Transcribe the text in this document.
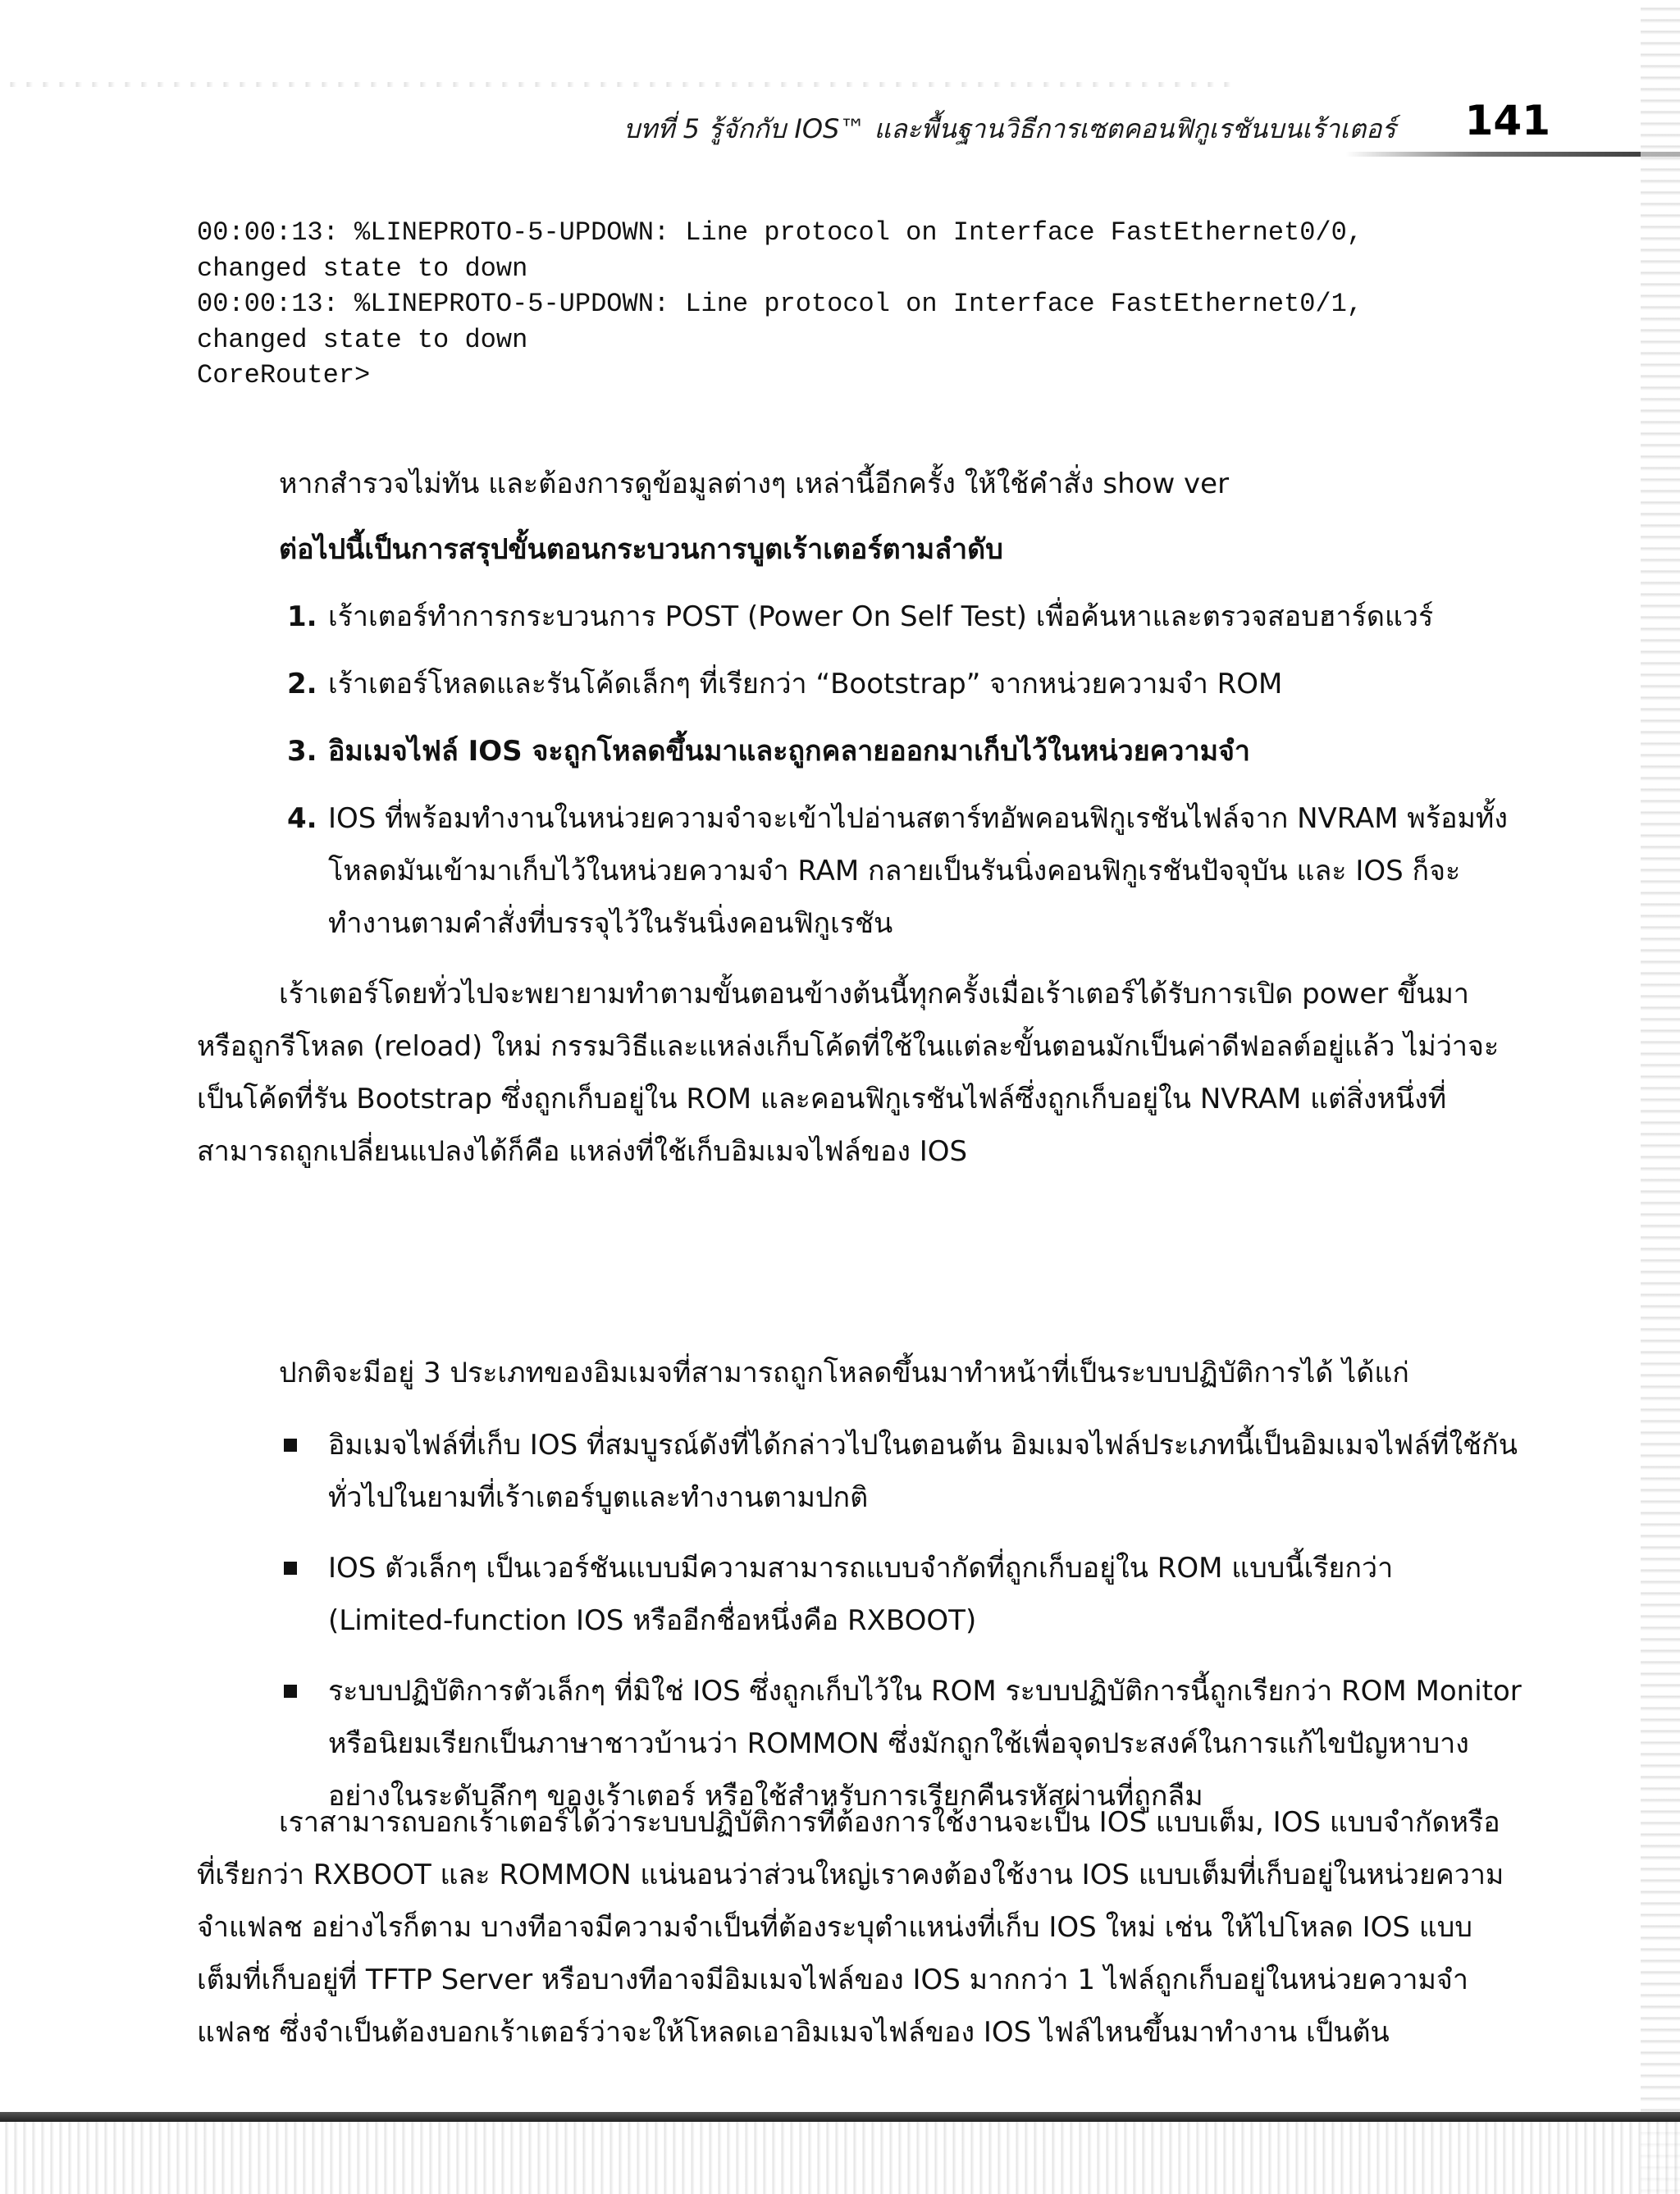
บทที่ 5 รู้จักกับ IOS™ และพื้นฐานวิธีการเซตคอนฟิกูเรชันบนเร้าเตอร์ 141
00:00:13: %LINEPROTO-5-UPDOWN: Line protocol on Interface FastEthernet0/0,
changed state to down
00:00:13: %LINEPROTO-5-UPDOWN: Line protocol on Interface FastEthernet0/1,
changed state to down
CoreRouter>
หากสำรวจไม่ทัน และต้องการดูข้อมูลต่างๆ เหล่านี้อีกครั้ง ให้ใช้คำสั่ง show ver
ต่อไปนี้เป็นการสรุปขั้นตอนกระบวนการบูตเร้าเตอร์ตามลำดับ
1. เร้าเตอร์ทำการกระบวนการ POST (Power On Self Test) เพื่อค้นหาและตรวจสอบฮาร์ดแวร์
2. เร้าเตอร์โหลดและรันโค้ดเล็กๆ ที่เรียกว่า “Bootstrap” จากหน่วยความจำ ROM
3. อิมเมจไฟล์ IOS จะถูกโหลดขึ้นมาและถูกคลายออกมาเก็บไว้ในหน่วยความจำ
4. IOS ที่พร้อมทำงานในหน่วยความจำจะเข้าไปอ่านสตาร์ทอัพคอนฟิกูเรชันไฟล์จาก NVRAM พร้อมทั้งโหลดมันเข้ามาเก็บไว้ในหน่วยความจำ RAM กลายเป็นรันนิ่งคอนฟิกูเรชันปัจจุบัน และ IOS ก็จะทำงานตามคำสั่งที่บรรจุไว้ในรันนิ่งคอนฟิกูเรชัน
เร้าเตอร์โดยทั่วไปจะพยายามทำตามขั้นตอนข้างต้นนี้ทุกครั้งเมื่อเร้าเตอร์ได้รับการเปิด power ขึ้นมา หรือถูกรีโหลด (reload) ใหม่ กรรมวิธีและแหล่งเก็บโค้ดที่ใช้ในแต่ละขั้นตอนมักเป็นค่าดีฟอลต์อยู่แล้ว ไม่ว่าจะเป็นโค้ดที่รัน Bootstrap ซึ่งถูกเก็บอยู่ใน ROM และคอนฟิกูเรชันไฟล์ซึ่งถูกเก็บอยู่ใน NVRAM แต่สิ่งหนึ่งที่สามารถถูกเปลี่ยนแปลงได้ก็คือ แหล่งที่ใช้เก็บอิมเมจไฟล์ของ IOS
ปกติจะมีอยู่ 3 ประเภทของอิมเมจที่สามารถถูกโหลดขึ้นมาทำหน้าที่เป็นระบบปฏิบัติการได้ ได้แก่
อิมเมจไฟล์ที่เก็บ IOS ที่สมบูรณ์ดังที่ได้กล่าวไปในตอนต้น อิมเมจไฟล์ประเภทนี้เป็นอิมเมจไฟล์ที่ใช้กันทั่วไปในยามที่เร้าเตอร์บูตและทำงานตามปกติ
IOS ตัวเล็กๆ เป็นเวอร์ชันแบบมีความสามารถแบบจำกัดที่ถูกเก็บอยู่ใน ROM แบบนี้เรียกว่า (Limited-function IOS หรืออีกชื่อหนึ่งคือ RXBOOT)
ระบบปฏิบัติการตัวเล็กๆ ที่มิใช่ IOS ซึ่งถูกเก็บไว้ใน ROM ระบบปฏิบัติการนี้ถูกเรียกว่า ROM Monitor หรือนิยมเรียกเป็นภาษาชาวบ้านว่า ROMMON ซึ่งมักถูกใช้เพื่อจุดประสงค์ในการแก้ไขปัญหาบางอย่างในระดับลึกๆ ของเร้าเตอร์ หรือใช้สำหรับการเรียกคืนรหัสผ่านที่ถูกลืม
เราสามารถบอกเร้าเตอร์ได้ว่าระบบปฏิบัติการที่ต้องการใช้งานจะเป็น IOS แบบเต็ม, IOS แบบจำกัดหรือที่เรียกว่า RXBOOT และ ROMMON แน่นอนว่าส่วนใหญ่เราคงต้องใช้งาน IOS แบบเต็มที่เก็บอยู่ในหน่วยความจำแฟลช อย่างไรก็ตาม บางทีอาจมีความจำเป็นที่ต้องระบุตำแหน่งที่เก็บ IOS ใหม่ เช่น ให้ไปโหลด IOS แบบเต็มที่เก็บอยู่ที่ TFTP Server หรือบางทีอาจมีอิมเมจไฟล์ของ IOS มากกว่า 1 ไฟล์ถูกเก็บอยู่ในหน่วยความจำแฟลช ซึ่งจำเป็นต้องบอกเร้าเตอร์ว่าจะให้โหลดเอาอิมเมจไฟล์ของ IOS ไฟล์ไหนขึ้นมาทำงาน เป็นต้น
